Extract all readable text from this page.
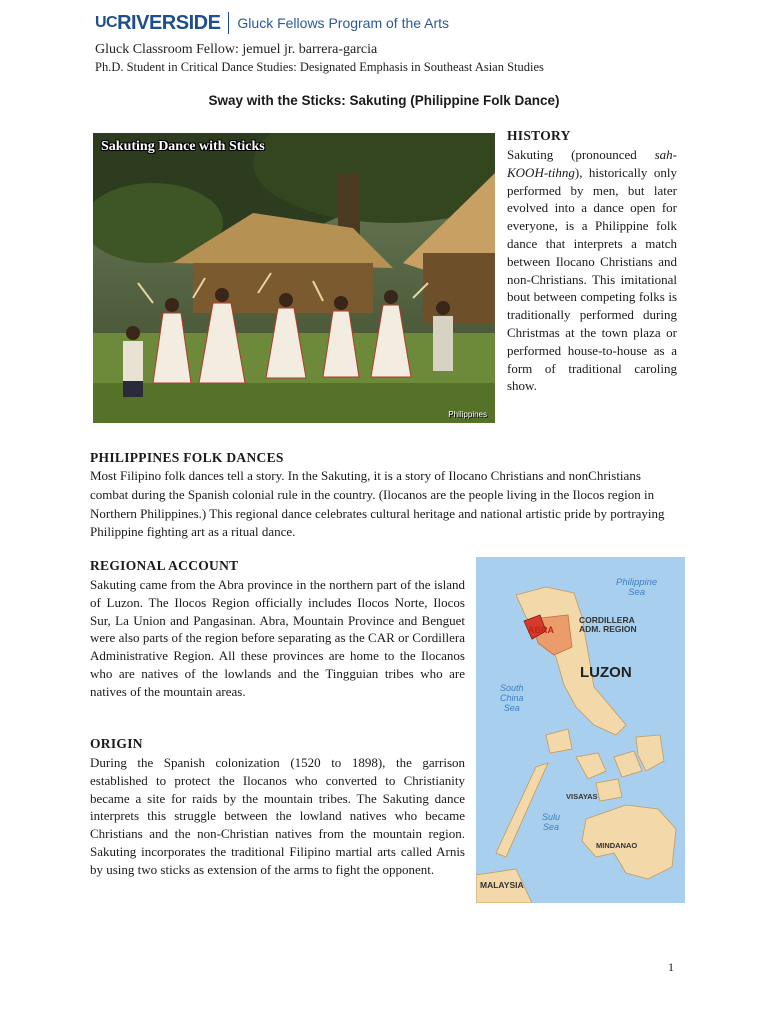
UC RIVERSIDE Gluck Fellows Program of the Arts
Gluck Classroom Fellow: jemuel jr. barrera-garcia
Ph.D. Student in Critical Dance Studies: Designated Emphasis in Southeast Asian Studies
Sway with the Sticks: Sakuting (Philippine Folk Dance)
Sakuting Dance with Sticks
Philippines
HISTORY

Sakuting (pronounced sah-KOOH-tihng), historically only performed by men, but later evolved into a dance open for everyone, is a Philippine folk dance that interprets a match between Ilocano Christians and non-Christians. This imitational bout between competing folks is traditionally performed during Christmas at the town plaza or performed house-to-house as a form of traditional caroling show.

PHILIPPINES FOLK DANCES
Most Filipino folk dances tell a story. In the Sakuting, it is a story of Ilocano Christians and nonChristians combat during the Spanish colonial rule in the country. (Ilocanos are the people living in the Ilocos region in Northern Philippines.) This regional dance celebrates cultural heritage and national artistic pride by portraying Philippine fighting art as a ritual dance.
REGIONAL ACCOUNT

Sakuting came from the Abra province in the northern part of the island of Luzon. The Ilocos Region officially includes Ilocos Norte, Ilocos Sur, La Union and Pangasinan. Abra, Mountain Province and Benguet were also parts of the region before separating as the CAR or Cordillera Administrative Region. All these provinces are home to the Ilocanos who are natives of the lowlands and the Tingguian tribes who are natives of the mountain areas.

ORIGIN

During the Spanish colonization (1520 to 1898), the garrison established to protect the Ilocanos who converted to Christianity became a site for raids by the mountain tribes. The Sakuting dance interprets this struggle between the lowland natives who became Christians and the non-Christian natives from the mountain region. Sakuting incorporates the traditional Filipino martial arts called Arnis by using two sticks as extension of the arms to fight the opponent.

Philippine
Sea
ABRA
CORDILLERA
ADM. REGION
LUZON
South
China
Sea
VISAYAS
Sulu
Sea
MINDANAO
MALAYSIA
1
